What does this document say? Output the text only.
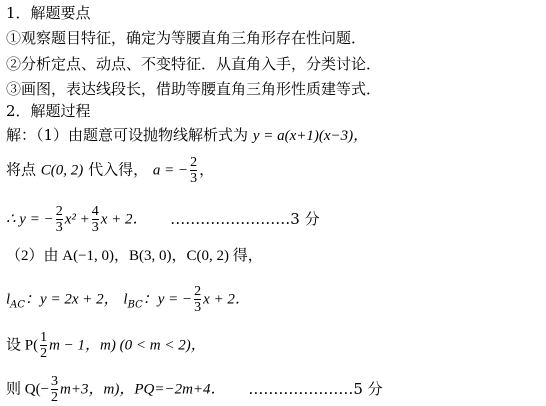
1．解题要点
①观察题目特征，确定为等腰直角三角形存在性问题．
②分析定点、动点、不变特征．从直角入手，分类讨论．
③画图，表达线段长，借助等腰直角三角形性质建等式．
2．解题过程
解：（1）由题意可设抛物线解析式为 y = a(x+1)(x−3)，
将点 C(0, 2) 代入得， a = − $\frac{2}{3}$ ，
∴ y = − $\frac{2}{3} x^2 + \frac{4}{3}$ x + 2． ……………………3 分
（2）由 A(−1, 0)，B(3, 0)，C(0, 2) 得，
$l_{AC}$：y = 2x + 2， $l_{BC}$：y = − $\frac{2}{3}$ x + 2．
设 $P( \frac{1}{2}$ m − 1，m) (0 < m < 2)，
则 $Q(- \frac{3}{2} m+3$，m)，PQ=−2m+4． …………………5 分
